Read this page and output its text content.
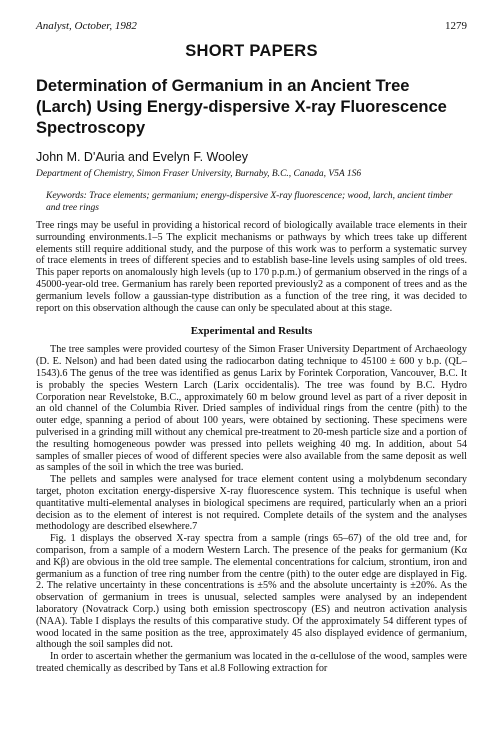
Analyst, October, 1982	1279
SHORT PAPERS
Determination of Germanium in an Ancient Tree (Larch) Using Energy-dispersive X-ray Fluorescence Spectroscopy
John M. D'Auria and Evelyn F. Wooley
Department of Chemistry, Simon Fraser University, Burnaby, B.C., Canada, V5A 1S6
Keywords: Trace elements; germanium; energy-dispersive X-ray fluorescence; wood, larch, ancient timber and tree rings

Tree rings may be useful in providing a historical record of biologically available trace elements in their surrounding environments.1–5 The explicit mechanisms or pathways by which trees take up different elements still require additional study, and the purpose of this work was to perform a systematic survey of trace elements in trees of different species and to establish base-line levels using samples of old trees. This paper reports on anomalously high levels (up to 170 p.p.m.) of germanium observed in the rings of a 45000-year-old tree. Germanium has rarely been reported previously2 as a component of trees and as the germanium levels follow a gaussian-type distribution as a function of the tree ring, it was decided to report on this observation although the cause can only be speculated about at this stage.

Experimental and Results

The tree samples were provided courtesy of the Simon Fraser University Department of Archaeology (D. E. Nelson) and had been dated using the radiocarbon dating technique to 45100 ± 600 y b.p. (QL–1543).6 The genus of the tree was identified as genus Larix by Forintek Corporation, Vancouver, B.C. It is probably the species Western Larch (Larix occidentalis). The tree was found by B.C. Hydro Corporation near Revelstoke, B.C., approximately 60 m below ground level as part of a river deposit in an old channel of the Columbia River. Dried samples of individual rings from the centre (pith) to the outer edge, spanning a period of about 100 years, were obtained by sectioning. These specimens were pulverised in a grinding mill without any chemical pre-treatment to 20-mesh particle size and a portion of the resulting homogeneous powder was pressed into pellets weighing 40 mg. In addition, about 54 samples of smaller pieces of wood of different species were also available from the same deposit as well as samples of the soil in which the tree was buried.

The pellets and samples were analysed for trace element content using a molybdenum secondary target, photon excitation energy-dispersive X-ray fluorescence system. This technique is useful when quantitative multi-elemental analyses in biological specimens are required, particularly when an a priori decision as to the element of interest is not required. Complete details of the system and the analyses methodology are described elsewhere.7

Fig. 1 displays the observed X-ray spectra from a sample (rings 65–67) of the old tree and, for comparison, from a sample of a modern Western Larch. The presence of the peaks for germanium (Kα and Kβ) are obvious in the old tree sample. The elemental concentrations for calcium, strontium, iron and germanium as a function of tree ring number from the centre (pith) to the outer edge are displayed in Fig. 2. The relative uncertainty in these concentrations is ±5% and the absolute uncertainty is ±20%. As the observation of germanium in trees is unusual, selected samples were analysed by an independent laboratory (Novatrack Corp.) using both emission spectroscopy (ES) and neutron activation analysis (NAA). Table I displays the results of this comparative study. Of the approximately 54 different types of wood located in the same position as the tree, approximately 45 also displayed evidence of germanium, although the soil samples did not.

In order to ascertain whether the germanium was located in the α-cellulose of the wood, samples were treated chemically as described by Tans et al.8 Following extraction for
